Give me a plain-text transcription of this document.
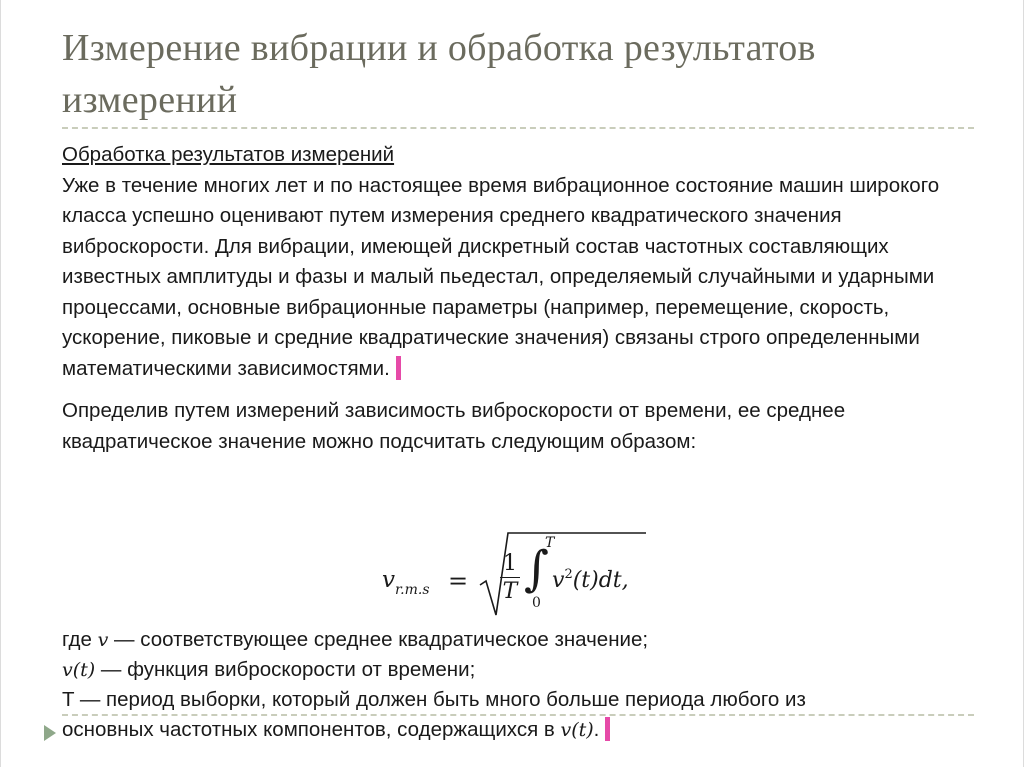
Измерение вибрации и обработка результатов измерений

Обработка результатов измерений
Уже в течение многих лет и по настоящее время вибрационное состояние машин широкого класса успешно оценивают путем измерения среднего квадратического значения виброскорости. Для вибрации, имеющей дискретный состав частотных составляющих известных амплитуды и фазы и малый пьедестал, определяемый случайными и ударными процессами, основные вибрационные параметры (например, перемещение, скорость, ускорение, пиковые и средние квадратические значения) связаны строго определенными математическими зависимостями.

Определив путем измерений зависимость виброскорости от времени, ее среднее квадратическое значение можно подсчитать следующим образом:

$v_{r.m.s}$ =
1
T ∫
T
0
$v^2(t)dt$,

где v — соответствующее среднее квадратическое значение;

v(t) — функция виброскорости от времени;

T — период выборки, который должен быть много больше периода любого из

основных частотных компонентов, содержащихся в v(t).
